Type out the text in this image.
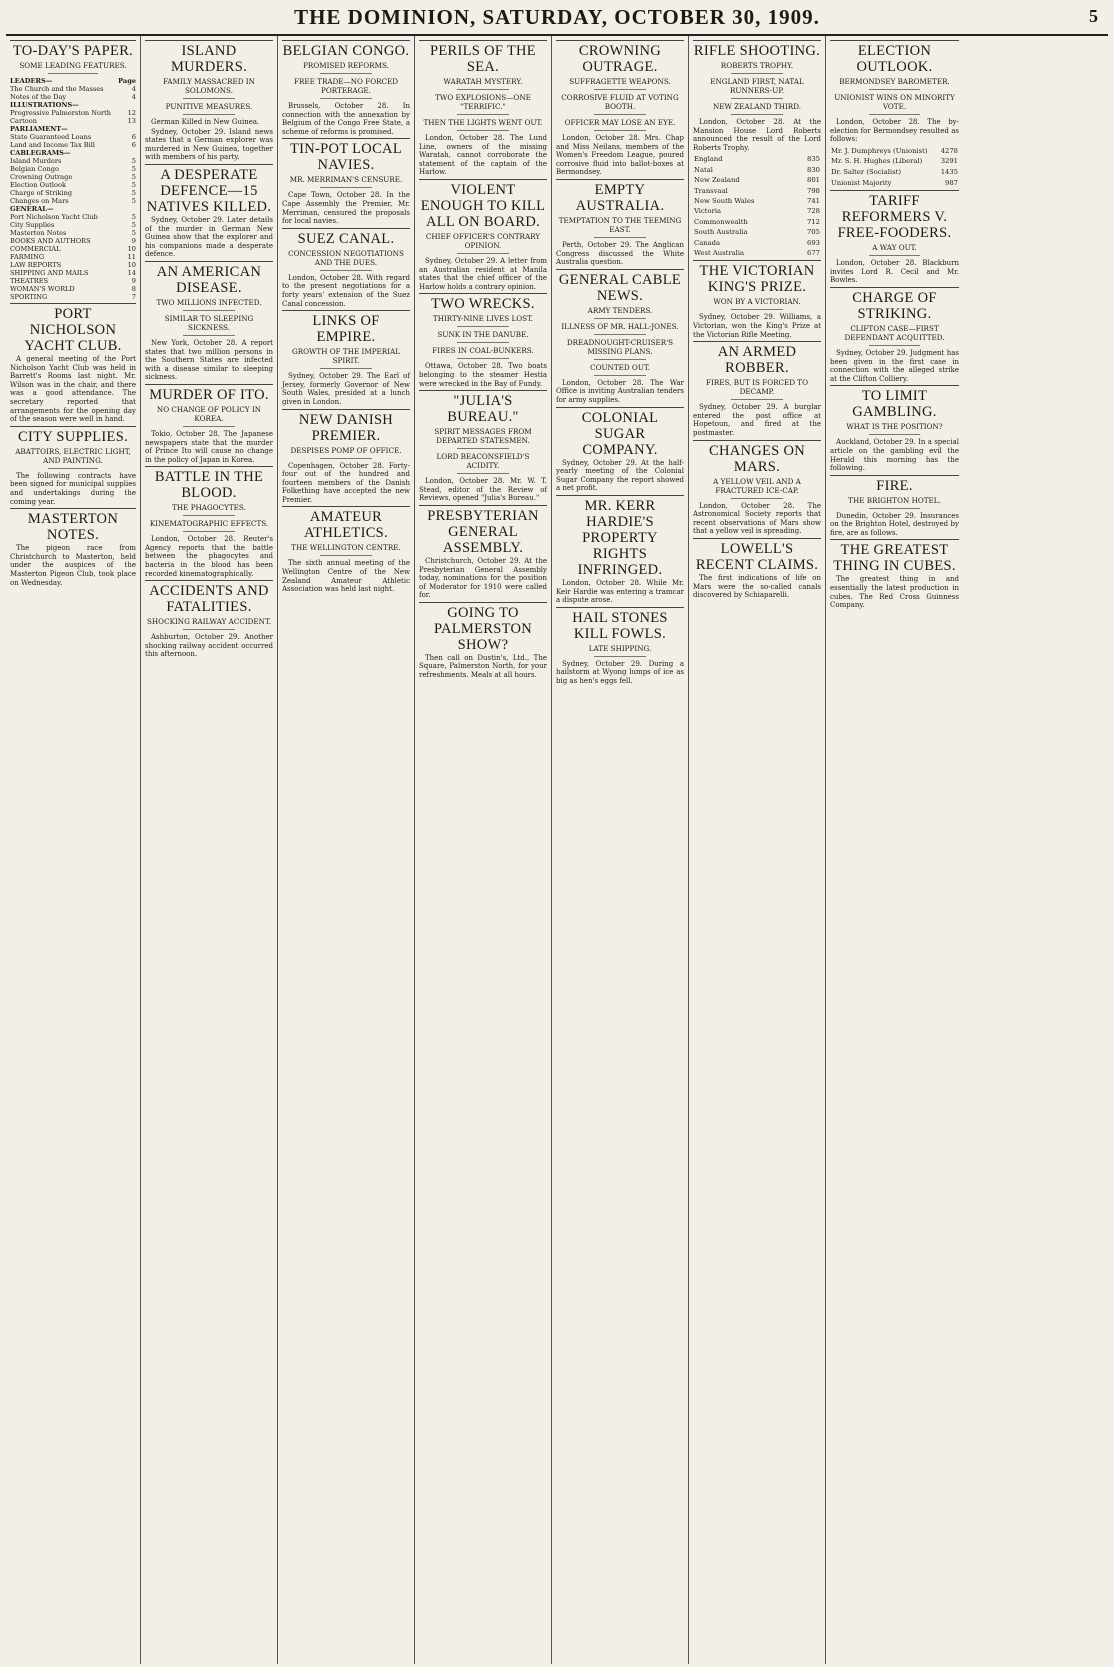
THE DOMINION, SATURDAY, OCTOBER 30, 1909.	5
TO-DAY'S PAPER.
SOME LEADING FEATURES.
LEADERS—	Page
The Church and the Masses	4
Notes of the Day	4
ILLUSTRATIONS—	
Progressive Palmerston North	12
Cartoon	13
PARLIAMENT—	
State Guaranteed Loans	6
Land and Income Tax Bill	6
CABLEGRAMS—	
Island Murders	5
Belgian Congo	5
Crowning Outrage	5
Election Outlook	5
Charge of Striking	5
Changes on Mars	5
GENERAL—	
Port Nicholson Yacht Club	5
City Supplies	5
Masterton Notes	5
BOOKS AND AUTHORS	9
COMMERCIAL	10
FARMING	11
LAW REPORTS	10
SHIPPING AND MAILS	14
THEATRES	9
WOMAN'S WORLD	8
SPORTING	7
PORT NICHOLSON YACHT CLUB.

A general meeting of the Port Nicholson Yacht Club was held in Barrett's Rooms last night. Mr. Wilson was in the chair, and there was a good attendance. The secretary reported that arrangements for the opening day of the season were well in hand.

CITY SUPPLIES.
ABATTOIRS, ELECTRIC LIGHT, AND PAINTING.

The following contracts have been signed for municipal supplies and undertakings during the coming year.

MASTERTON NOTES.

The pigeon race from Christchurch to Masterton, held under the auspices of the Masterton Pigeon Club, took place on Wednesday.

ISLAND MURDERS.
FAMILY MASSACRED IN SOLOMONS.
PUNITIVE MEASURES.

German Killed in New Guinea.

Sydney, October 29. Island news states that a German explorer was murdered in New Guinea, together with members of his party.

A DESPERATE DEFENCE—15 NATIVES KILLED.

Sydney, October 29. Later details of the murder in German New Guinea show that the explorer and his companions made a desperate defence.

AN AMERICAN DISEASE.
TWO MILLIONS INFECTED.
SIMILAR TO SLEEPING SICKNESS.

New York, October 28. A report states that two million persons in the Southern States are infected with a disease similar to sleeping sickness.

MURDER OF ITO.
NO CHANGE OF POLICY IN KOREA.

Tokio, October 28. The Japanese newspapers state that the murder of Prince Ito will cause no change in the policy of Japan in Korea.

BATTLE IN THE BLOOD.
THE PHAGOCYTES.
KINEMATOGRAPHIC EFFECTS.

London, October 28. Reuter's Agency reports that the battle between the phagocytes and bacteria in the blood has been recorded kinematographically.

ACCIDENTS AND FATALITIES.
SHOCKING RAILWAY ACCIDENT.

Ashburton, October 29. Another shocking railway accident occurred this afternoon.

BELGIAN CONGO.
PROMISED REFORMS.
FREE TRADE—NO FORCED PORTERAGE.

Brussels, October 28. In connection with the annexation by Belgium of the Congo Free State, a scheme of reforms is promised.

TIN-POT LOCAL NAVIES.
MR. MERRIMAN'S CENSURE.

Cape Town, October 28. In the Cape Assembly the Premier, Mr. Merriman, censured the proposals for local navies.

SUEZ CANAL.
CONCESSION NEGOTIATIONS AND THE DUES.

London, October 28. With regard to the present negotiations for a forty years' extension of the Suez Canal concession.

LINKS OF EMPIRE.
GROWTH OF THE IMPERIAL SPIRIT.

Sydney, October 29. The Earl of Jersey, formerly Governor of New South Wales, presided at a lunch given in London.

NEW DANISH PREMIER.
DESPISES POMP OF OFFICE.

Copenhagen, October 28. Forty-four out of the hundred and fourteen members of the Danish Folkething have accepted the new Premier.

AMATEUR ATHLETICS.
THE WELLINGTON CENTRE.

The sixth annual meeting of the Wellington Centre of the New Zealand Amateur Athletic Association was held last night.

PERILS OF THE SEA.
WARATAH MYSTERY.
TWO EXPLOSIONS—ONE "TERRIFIC."
THEN THE LIGHTS WENT OUT.

London, October 28. The Lund Line, owners of the missing Waratah, cannot corroborate the statement of the captain of the Harlow.

VIOLENT ENOUGH TO KILL ALL ON BOARD.
CHIEF OFFICER'S CONTRARY OPINION.

Sydney, October 29. A letter from an Australian resident at Manila states that the chief officer of the Harlow holds a contrary opinion.

TWO WRECKS.
THIRTY-NINE LIVES LOST.
SUNK IN THE DANUBE.
FIRES IN COAL-BUNKERS.

Ottawa, October 28. Two boats belonging to the steamer Hestia were wrecked in the Bay of Fundy.

"JULIA'S BUREAU."
SPIRIT MESSAGES FROM DEPARTED STATESMEN.
LORD BEACONSFIELD'S ACIDITY.

London, October 28. Mr. W. T. Stead, editor of the Review of Reviews, opened "Julia's Bureau."

PRESBYTERIAN GENERAL ASSEMBLY.

Christchurch, October 29. At the Presbyterian General Assembly today, nominations for the position of Moderator for 1910 were called for.

GOING TO PALMERSTON SHOW?

Then call on Dustin's, Ltd., The Square, Palmerston North, for your refreshments. Meals at all hours.

CROWNING OUTRAGE.
SUFFRAGETTE WEAPONS.
CORROSIVE FLUID AT VOTING BOOTH.
OFFICER MAY LOSE AN EYE.

London, October 28. Mrs. Chap and Miss Neilans, members of the Women's Freedom League, poured corrosive fluid into ballot-boxes at Bermondsey.

EMPTY AUSTRALIA.
TEMPTATION TO THE TEEMING EAST.

Perth, October 29. The Anglican Congress discussed the White Australia question.

GENERAL CABLE NEWS.
ARMY TENDERS.
ILLNESS OF MR. HALL-JONES.
DREADNOUGHT-CRUISER'S MISSING PLANS.
COUNTED OUT.

London, October 28. The War Office is inviting Australian tenders for army supplies.

COLONIAL SUGAR COMPANY.

Sydney, October 29. At the half-yearly meeting of the Colonial Sugar Company the report showed a net profit.

MR. KERR HARDIE'S PROPERTY RIGHTS INFRINGED.

London, October 28. While Mr. Keir Hardie was entering a tramcar a dispute arose.

HAIL STONES KILL FOWLS.
LATE SHIPPING.

Sydney, October 29. During a hailstorm at Wyong lumps of ice as big as hen's eggs fell.

RIFLE SHOOTING.
ROBERTS TROPHY.
ENGLAND FIRST, NATAL RUNNERS-UP.
NEW ZEALAND THIRD.

London, October 28. At the Mansion House Lord Roberts announced the result of the Lord Roberts Trophy.

England	835
Natal	830
New Zealand	801
Transvaal	798
New South Wales	741
Victoria	728
Commonwealth	712
South Australia	705
Canada	693
West Australia	677
THE VICTORIAN KING'S PRIZE.
WON BY A VICTORIAN.

Sydney, October 29. Williams, a Victorian, won the King's Prize at the Victorian Rifle Meeting.

AN ARMED ROBBER.
FIRES, BUT IS FORCED TO DECAMP.

Sydney, October 29. A burglar entered the post office at Hopetoun, and fired at the postmaster.

CHANGES ON MARS.
A YELLOW VEIL AND A FRACTURED ICE-CAP.

London, October 28. The Astronomical Society reports that recent observations of Mars show that a yellow veil is spreading.

LOWELL'S RECENT CLAIMS.

The first indications of life on Mars were the so-called canals discovered by Schiaparelli.

ELECTION OUTLOOK.
BERMONDSEY BAROMETER.
UNIONIST WINS ON MINORITY VOTE.

London, October 28. The by-election for Bermondsey resulted as follows:

Mr. J. Dumphreys (Unionist)	4278
Mr. S. H. Hughes (Liberal)	3291
Dr. Salter (Socialist)	1435
Unionist Majority	987
TARIFF REFORMERS V. FREE-FOODERS.
A WAY OUT.

London, October 28. Blackburn invites Lord R. Cecil and Mr. Bowles.

CHARGE OF STRIKING.
CLIFTON CASE—FIRST DEFENDANT ACQUITTED.

Sydney, October 29. Judgment has been given in the first case in connection with the alleged strike at the Clifton Colliery.

TO LIMIT GAMBLING.
WHAT IS THE POSITION?

Auckland, October 29. In a special article on the gambling evil the Herald this morning has the following.

FIRE.
THE BRIGHTON HOTEL.

Dunedin, October 29. Insurances on the Brighton Hotel, destroyed by fire, are as follows.

THE GREATEST THING IN CUBES.

The greatest thing in and essentially the latest production in cubes. The Red Cross Guinness Company.
